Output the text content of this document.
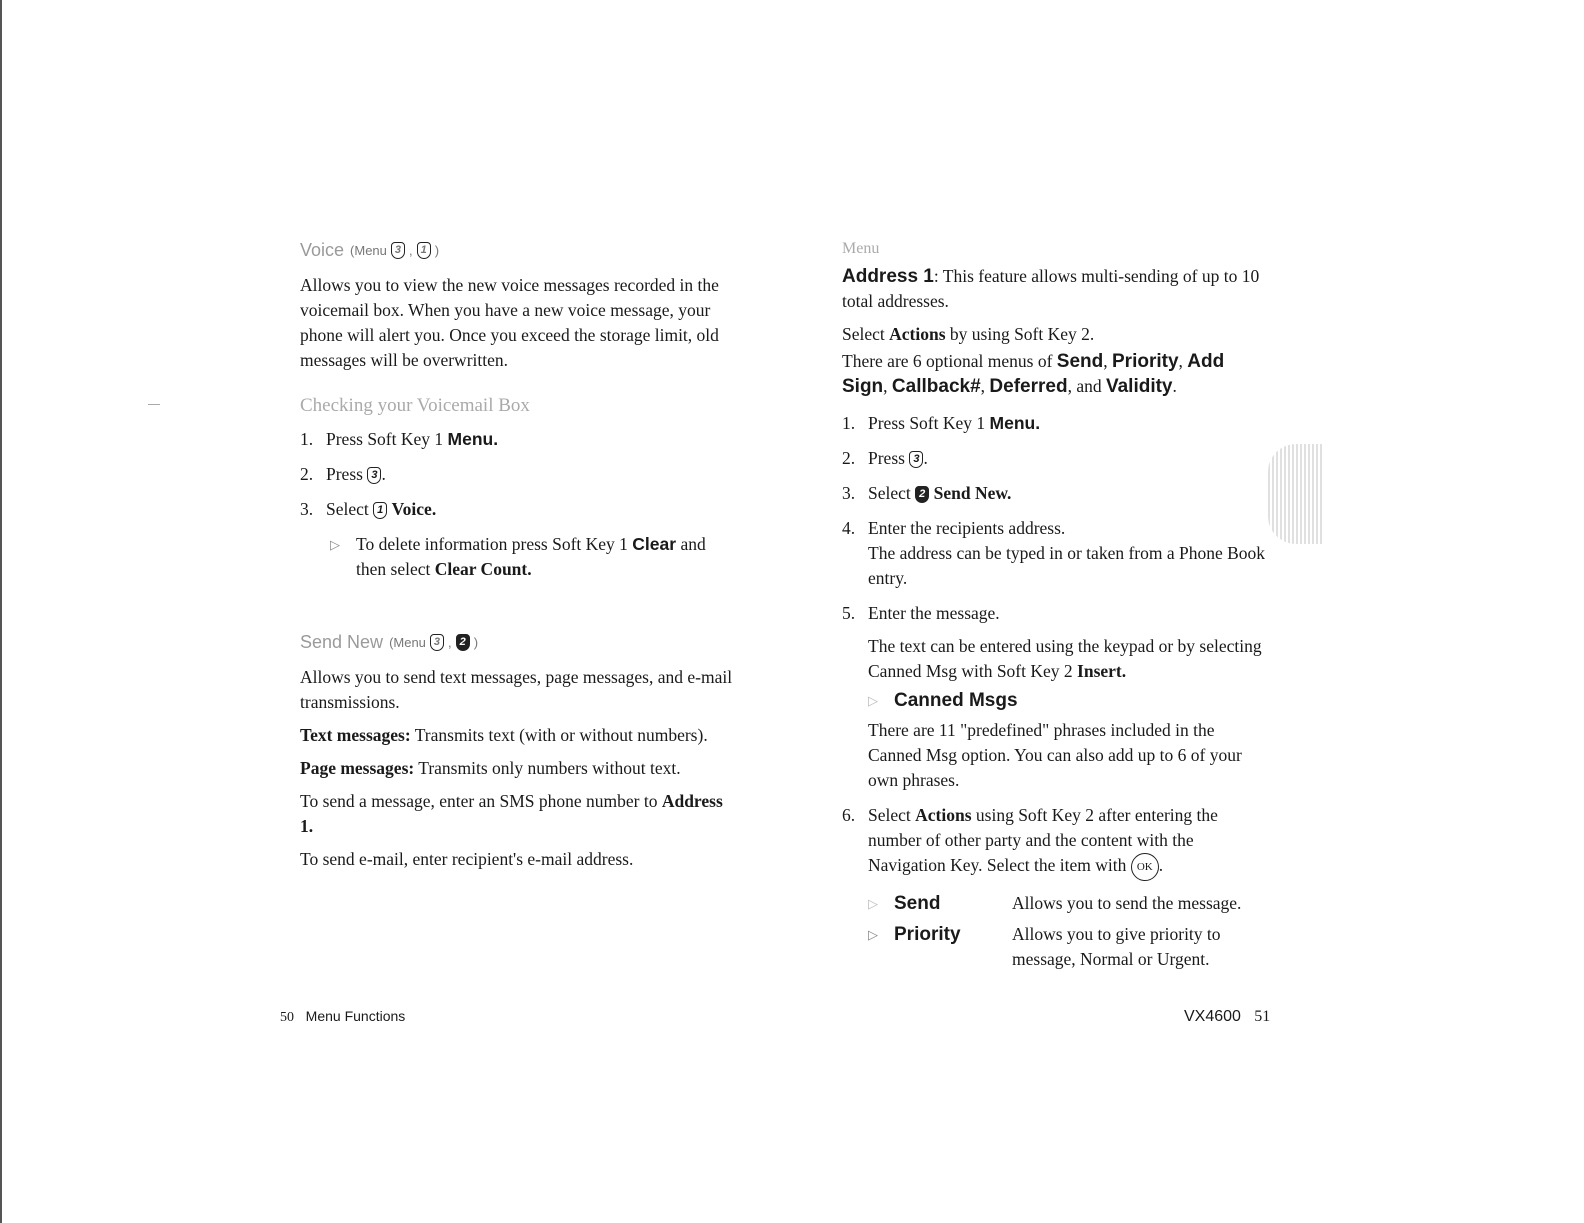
Voice (Menu 3 , 1 )

Allows you to view the new voice messages recorded in the voicemail box. When you have a new voice message, your phone will alert you. Once you exceed the storage limit, old messages will be overwritten.

Checking your Voicemail Box
1. Press Soft Key 1 Menu.
2. Press 3 .
3. Select 1 Voice.
▷ To delete information press Soft Key 1 Clear and then select Clear Count.
Send New (Menu 3 , 2 )

Allows you to send text messages, page messages, and e-mail transmissions.

Text messages: Transmits text (with or without numbers).

Page messages: Transmits only numbers without text.

To send a message, enter an SMS phone number to Address 1.

To send e-mail, enter recipient's e-mail address.

50 Menu Functions
Menu

Address 1: This feature allows multi-sending of up to 10 total addresses.

Select Actions by using Soft Key 2.

There are 6 optional menus of Send, Priority, Add Sign, Callback#, Deferred, and Validity.

1. Press Soft Key 1 Menu.
2. Press 3 .
3. Select 2 Send New.
4. Enter the recipients address.
The address can be typed in or taken from a Phone Book entry.
5. Enter the message.

The text can be entered using the keypad or by selecting Canned Msg with Soft Key 2 Insert.
▷ Canned Msgs

There are 11 "predefined" phrases included in the Canned Msg option. You can also add up to 6 of your own phrases.

6. Select Actions using Soft Key 2 after entering the number of other party and the content with the Navigation Key. Select the item with OK .
▷ Send	Allows you to send the message.
▷ Priority	Allows you to give priority to message, Normal or Urgent.
VX4600 51
